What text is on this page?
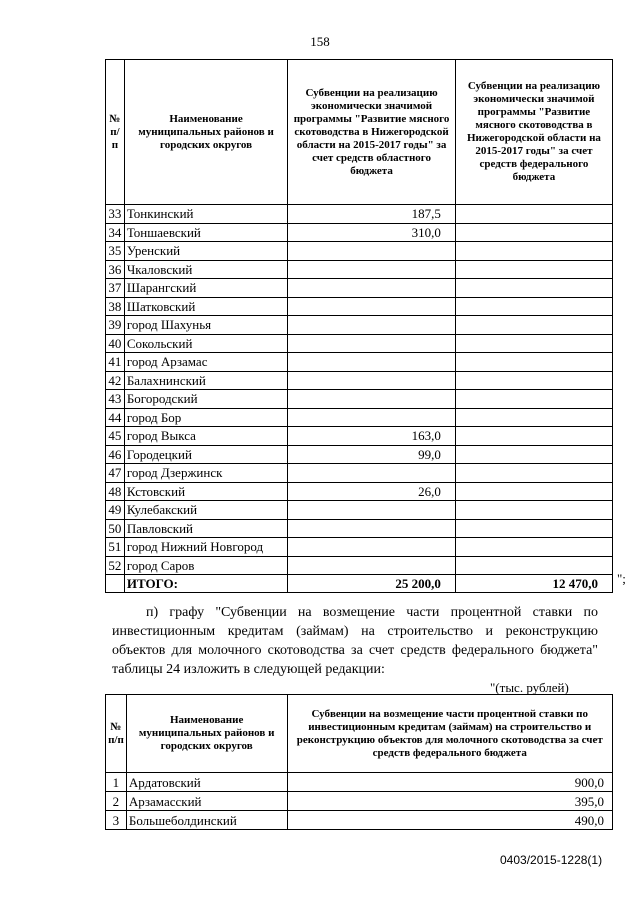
158
№ п/п	Наименование муниципальных районов и городских округов	Субвенции на реализацию экономически значимой программы "Развитие мясного скотоводства в Нижегородской области на 2015-2017 годы" за счет средств областного бюджета	Субвенции на реализацию экономически значимой программы "Развитие мясного скотоводства в Нижегородской области на 2015-2017 годы" за счет средств федерального бюджета
33	Тонкинский	187,5	
34	Тоншаевский	310,0	
35	Уренский		
36	Чкаловский		
37	Шарангский		
38	Шатковский		
39	город Шахунья		
40	Сокольский		
41	город Арзамас		
42	Балахнинский		
43	Богородский		
44	город Бор		
45	город Выкса	163,0	
46	Городецкий	99,0	
47	город Дзержинск		
48	Кстовский	26,0	
49	Кулебакский		
50	Павловский		
51	город Нижний Новгород		
52	город Саров		
	ИТОГО:	25 200,0	12 470,0 ";
п) графу "Субвенции на возмещение части процентной ставки по инвестиционным кредитам (займам) на строительство и реконструкцию объектов для молочного скотоводства за счет средств федерального бюджета" таблицы 24 изложить в следующей редакции:
"(тыс. рублей)
№ п/п	Наименование муниципальных районов и городских округов	Субвенции на возмещение части процентной ставки по инвестиционным кредитам (займам) на строительство и реконструкцию объектов для молочного скотоводства за счет средств федерального бюджета
1	Ардатовский	900,0
2	Арзамасский	395,0
3	Большеболдинский	490,0
0403/2015-1228(1)
